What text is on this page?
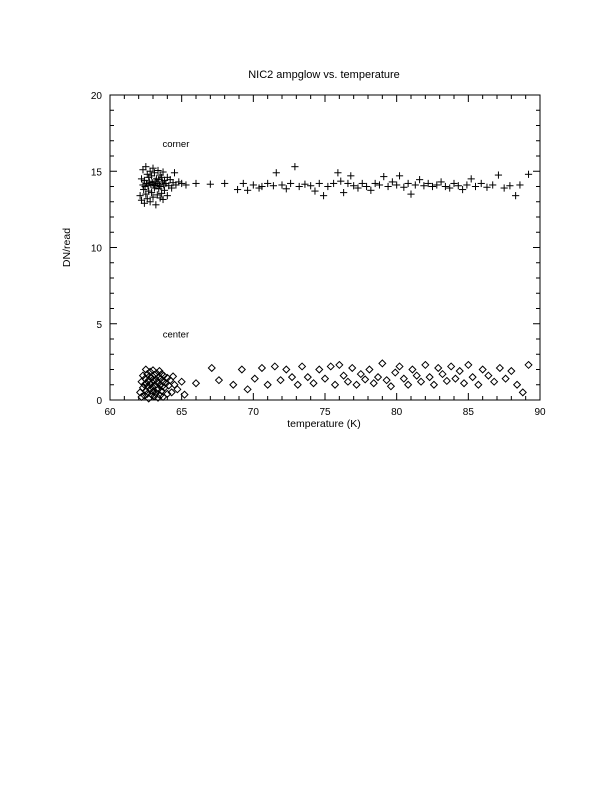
NIC2 ampglow vs. temperature
60	65	70	75	80	85	90
0
5
10
15
20
corner
center
temperature (K)
DN/read
